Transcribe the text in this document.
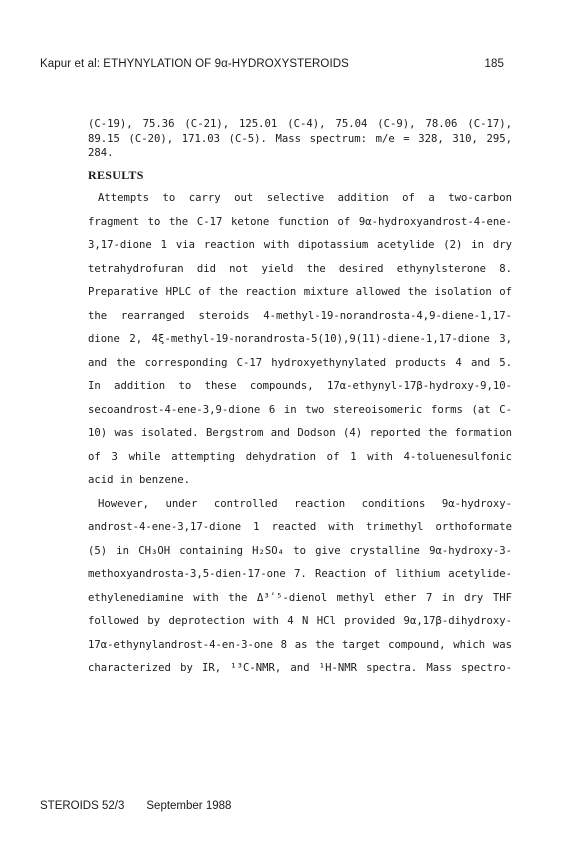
Kapur et al: ETHYNYLATION OF 9α-HYDROXYSTEROIDS	185

(C-19), 75.36 (C-21), 125.01 (C-4), 75.04 (C-9), 78.06 (C-17), 89.15 (C-20), 171.03 (C-5). Mass spectrum: m/e = 328, 310, 295, 284.

RESULTS
Attempts to carry out selective addition of a two-carbon
fragment to the C-17 ketone function of 9α-hydroxyandrost-4-ene-
3,17-dione 1 via reaction with dipotassium acetylide (2) in dry
tetrahydrofuran did not yield the desired ethynylsterone 8.
Preparative HPLC of the reaction mixture allowed the isolation of
the rearranged steroids 4-methyl-19-norandrosta-4,9-diene-1,17-
dione 2, 4ξ-methyl-19-norandrosta-5(10),9(11)-diene-1,17-dione 3,
and the corresponding C-17 hydroxyethynylated products 4 and 5.
In addition to these compounds, 17α-ethynyl-17β-hydroxy-9,10-
secoandrost-4-ene-3,9-dione 6 in two stereoisomeric forms (at C-
10) was isolated. Bergstrom and Dodson (4) reported the formation
of 3 while attempting dehydration of 1 with 4-toluenesulfonic
acid in benzene.
However, under controlled reaction conditions 9α-hydroxy-
androst-4-ene-3,17-dione 1 reacted with trimethyl orthoformate
(5) in CH₃OH containing H₂SO₄ to give crystalline 9α-hydroxy-3-
methoxyandrosta-3,5-dien-17-one 7. Reaction of lithium acetylide-
ethylenediamine with the Δ³ʹ⁵-dienol methyl ether 7 in dry THF
followed by deprotection with 4 N HCl provided 9α,17β-dihydroxy-
17α-ethynylandrost-4-en-3-one 8 as the target compound, which was
characterized by IR, ¹³C-NMR, and ¹H-NMR spectra. Mass spectro-
STEROIDS 52/3 September 1988
